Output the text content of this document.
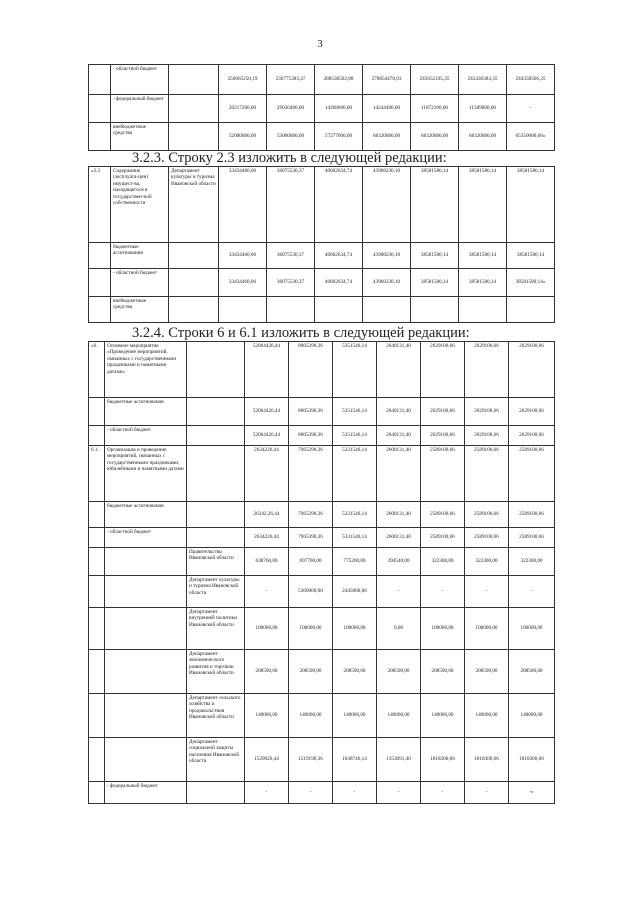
3
	- областной бюджет		250065250,19	236775383,47	288538502,88	278854478,03	245652105,35	245430384,35	244358566,35
	- федеральный бюджет		20217200,00	29036400,00	14268000,00	14244400,00	11872100,00	11589000,00	-
	внебюджетные средства		52000000,00	53000000,00	57277000,00	68320000,00	68320000,00	68320000,00	65350000,00»
3.2.3. Строку 2.3 изложить в следующей редакции:
«2.3	Содержание (эксплуата-ции) имущест-ва, находящегося в государствен-ной собственности	Департамент культуры и туризма Ивановской области	33434460,06	36075530,37	40602634,74	43968230,10	38581580,14	38581580,14	38581580,14
	бюджетные ассигнования		33434460,06	36075530,37	40602634,74	43968230,10	38581580,14	38581580,14	38581580,14
	- областной бюджет		33434460,06	36075530,37	40602634,74	43968230,10	38581580,14	38581580,14	38581580,14»
	внебюджетные средства								
3.2.4. Строки 6 и 6.1 изложить в следующей редакции:
«6.	Основное мероприятие «Проведение мероприятий, связанных с государственными праздниками и памятными датами»		52064426,44	8005390,36	5351546,14	2640131,40	2629100,66	2629100,66	2629100,66
	бюджетные ассигнования		52064426,44	8005390,36	5351546,14	2640131,40	2629100,66	2629100,66	2629100,66
	- областной бюджет		52064426,44	8005390,36	5351546,14	2640131,40	2629100,66	2629100,66	2629100,66
6.1.	Организация и проведение мероприятий, связанных с государственными праздниками, юбилейными и памятными датами		2634226,44	7965390,36	5331546,14	2600131,40	2589100,66	2589100,66	2589100,66
	бюджетные ассигнования		26342,26,44	7965390,36	5331546,14	2600131,40	2589100,66	2589100,66	2589100,66
	- областной бюджет		2634226,44	7965390,36	5331546,14	2600131,40	2589100,66	2589100,66	2589100,66
		Правительство Ивановской области	638760,00	697700,00	775200,00	394540,00	322300,00	322300,00	322300,00
		Департамент культуры и туризма Ивановской области	-	5300000,00	2445000,00	-	-	-	-
		Департамент внутренней политики Ивановской области	100000,00	100000,00	100000,00	0,00	100000,00	100000,00	100000,00
		Департамент экономического развития и торговли Ивановской области	208500,00	208500,00	208500,00	208500,00	208500,00	208500,00	208500,00
		Департамент сельского хозяйства и продовольствия Ивановской области	140000,00	140000,00	140000,00	140000,00	140000,00	140000,00	140000,00
		Департамент социальной защиты населения Ивановской области	1529026,44	1519190,36	1638746,14	1353091,40	1818300,66	1818300,66	1818300,66
	- федеральный бюджет		-	-	-	-	-	-	-»
